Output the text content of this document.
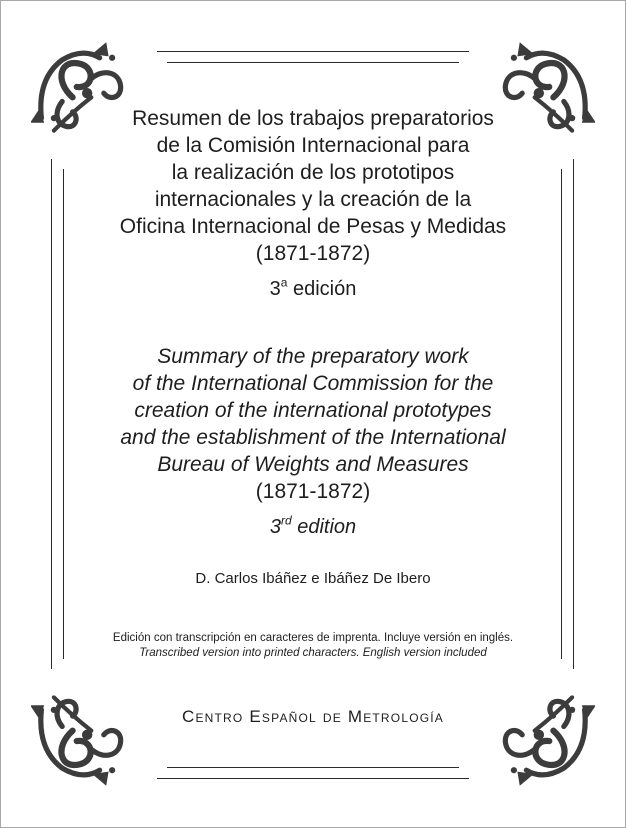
Resumen de los trabajos preparatorios
de la Comisión Internacional para
la realización de los prototipos
internacionales y la creación de la
Oficina Internacional de Pesas y Medidas
(1871-1872)
3$^a$ edición
Summary of the preparatory work
of the International Commission for the
creation of the international prototypes
and the establishment of the International
Bureau of Weights and Measures
(1871-1872)
3rd edition
D. Carlos Ibáñez e Ibáñez De Ibero
Edición con transcripción en caracteres de imprenta. Incluye versión en inglés.
Transcribed version into printed characters. English version included
Centro Español de Metrología
